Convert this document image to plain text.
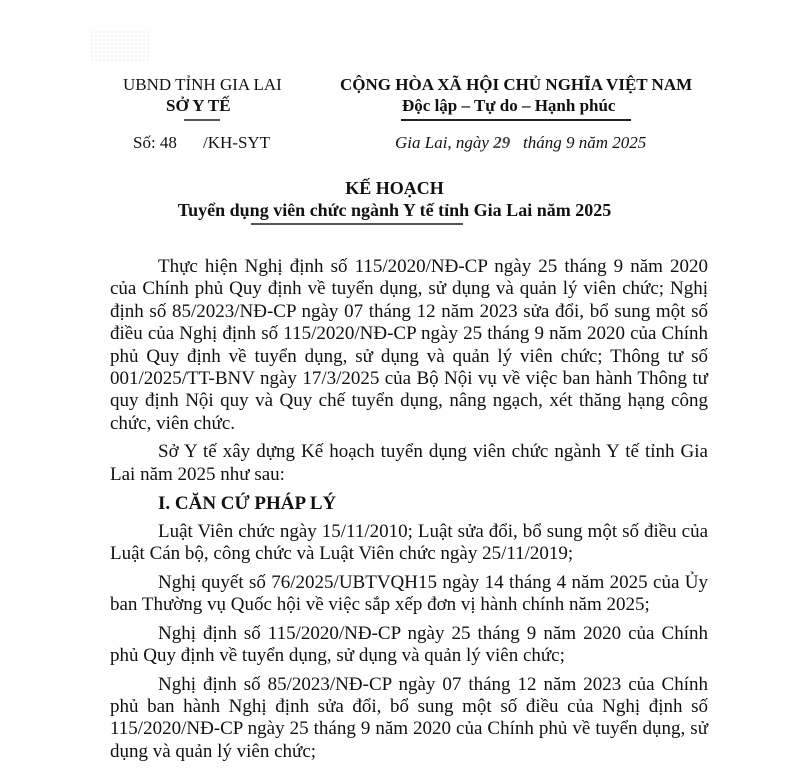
UBND TỈNH GIA LAI
SỞ Y TẾ
Số: 48 /KH-SYT
CỘNG HÒA XÃ HỘI CHỦ NGHĨA VIỆT NAM
Độc lập – Tự do – Hạnh phúc
Gia Lai, ngày 29 tháng 9 năm 2025
KẾ HOẠCH
Tuyển dụng viên chức ngành Y tế tỉnh Gia Lai năm 2025

Thực hiện Nghị định số 115/2020/NĐ-CP ngày 25 tháng 9 năm 2020 của Chính phủ Quy định về tuyển dụng, sử dụng và quản lý viên chức; Nghị định số 85/2023/NĐ-CP ngày 07 tháng 12 năm 2023 sửa đổi, bổ sung một số điều của Nghị định số 115/2020/NĐ-CP ngày 25 tháng 9 năm 2020 của Chính phủ Quy định về tuyển dụng, sử dụng và quản lý viên chức; Thông tư số 001/2025/TT-BNV ngày 17/3/2025 của Bộ Nội vụ về việc ban hành Thông tư quy định Nội quy và Quy chế tuyển dụng, nâng ngạch, xét thăng hạng công chức, viên chức.

Sở Y tế xây dựng Kế hoạch tuyển dụng viên chức ngành Y tế tỉnh Gia Lai năm 2025 như sau:

I. CĂN CỨ PHÁP LÝ

Luật Viên chức ngày 15/11/2010; Luật sửa đổi, bổ sung một số điều của Luật Cán bộ, công chức và Luật Viên chức ngày 25/11/2019;

Nghị quyết số 76/2025/UBTVQH15 ngày 14 tháng 4 năm 2025 của Ủy ban Thường vụ Quốc hội về việc sắp xếp đơn vị hành chính năm 2025;

Nghị định số 115/2020/NĐ-CP ngày 25 tháng 9 năm 2020 của Chính phủ Quy định về tuyển dụng, sử dụng và quản lý viên chức;

Nghị định số 85/2023/NĐ-CP ngày 07 tháng 12 năm 2023 của Chính phủ ban hành Nghị định sửa đổi, bổ sung một số điều của Nghị định số 115/2020/NĐ-CP ngày 25 tháng 9 năm 2020 của Chính phủ về tuyển dụng, sử dụng và quản lý viên chức;
